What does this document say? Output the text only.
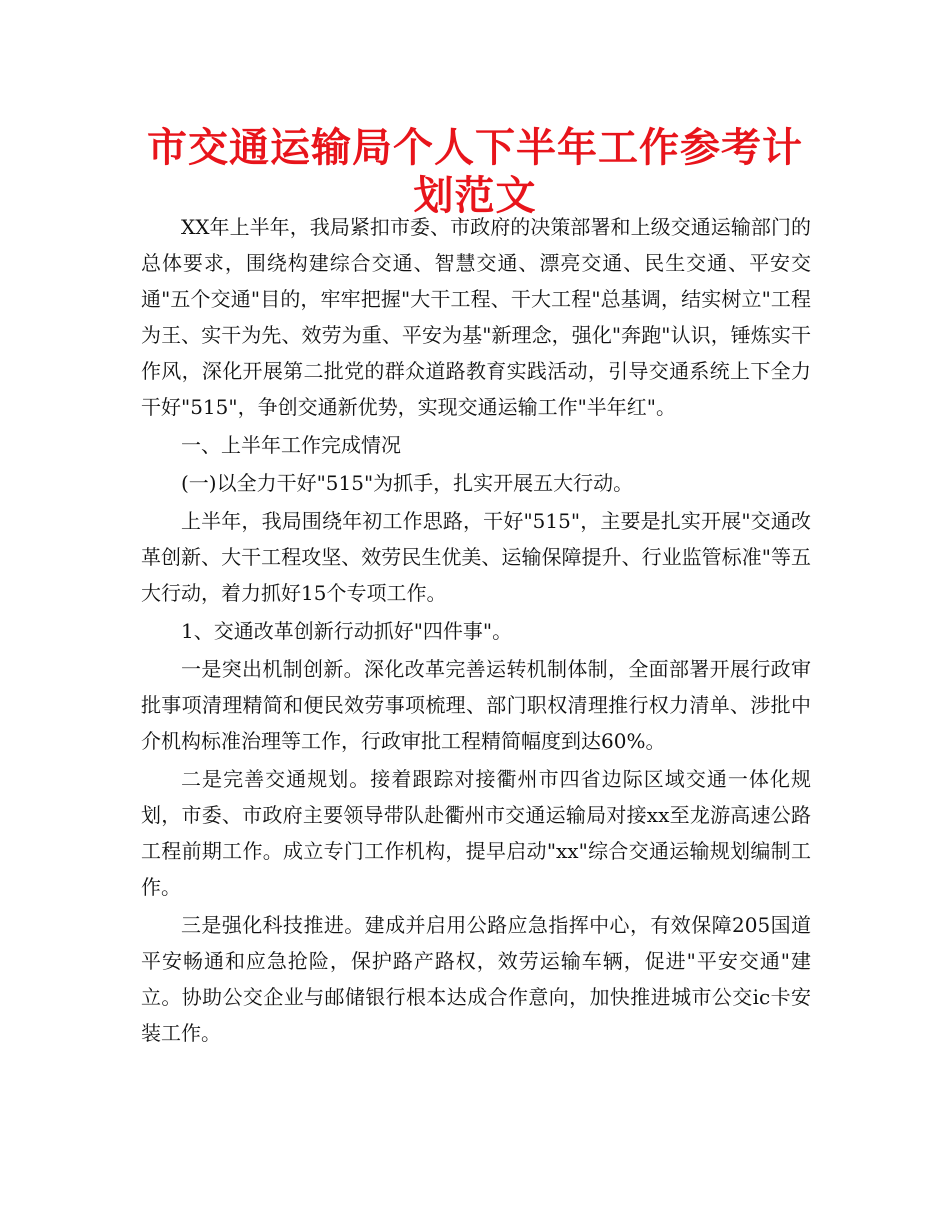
市交通运输局个人下半年工作参考计划范文

XX年上半年，我局紧扣市委、市政府的决策部署和上级交通运输部门的总体要求，围绕构建综合交通、智慧交通、漂亮交通、民生交通、平安交通"五个交通"目的，牢牢把握"大干工程、干大工程"总基调，结实树立"工程为王、实干为先、效劳为重、平安为基"新理念，强化"奔跑"认识，锤炼实干作风，深化开展第二批党的群众道路教育实践活动，引导交通系统上下全力干好"515"，争创交通新优势，实现交通运输工作"半年红"。

一、上半年工作完成情况

(一)以全力干好"515"为抓手，扎实开展五大行动。

上半年，我局围绕年初工作思路，干好"515"，主要是扎实开展"交通改革创新、大干工程攻坚、效劳民生优美、运输保障提升、行业监管标准"等五大行动，着力抓好15个专项工作。

1、交通改革创新行动抓好"四件事"。

一是突出机制创新。深化改革完善运转机制体制，全面部署开展行政审批事项清理精简和便民效劳事项梳理、部门职权清理推行权力清单、涉批中介机构标准治理等工作，行政审批工程精简幅度到达60%。

二是完善交通规划。接着跟踪对接衢州市四省边际区域交通一体化规划，市委、市政府主要领导带队赴衢州市交通运输局对接xx至龙游高速公路工程前期工作。成立专门工作机构，提早启动"xx"综合交通运输规划编制工作。

三是强化科技推进。建成并启用公路应急指挥中心，有效保障205国道平安畅通和应急抢险，保护路产路权，效劳运输车辆，促进"平安交通"建立。协助公交企业与邮储银行根本达成合作意向，加快推进城市公交ic卡安装工作。
